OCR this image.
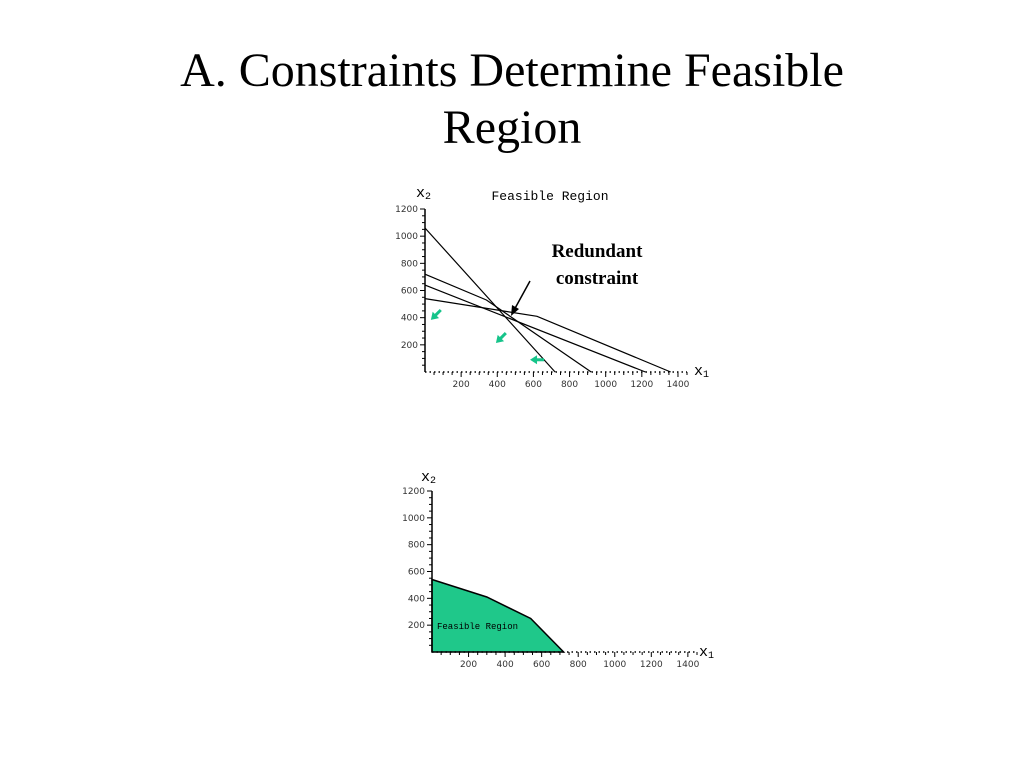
A. Constraints Determine Feasible
Region
200
400
600
800
1000
1200
200 400 600 800 1000 1200 1400
Feasible Region
x2
x1
Redundant
constraint
200
400
600
800
1000
1200
200 400 600 800 1000 1200 1400
Feasible Region
x2
x1
